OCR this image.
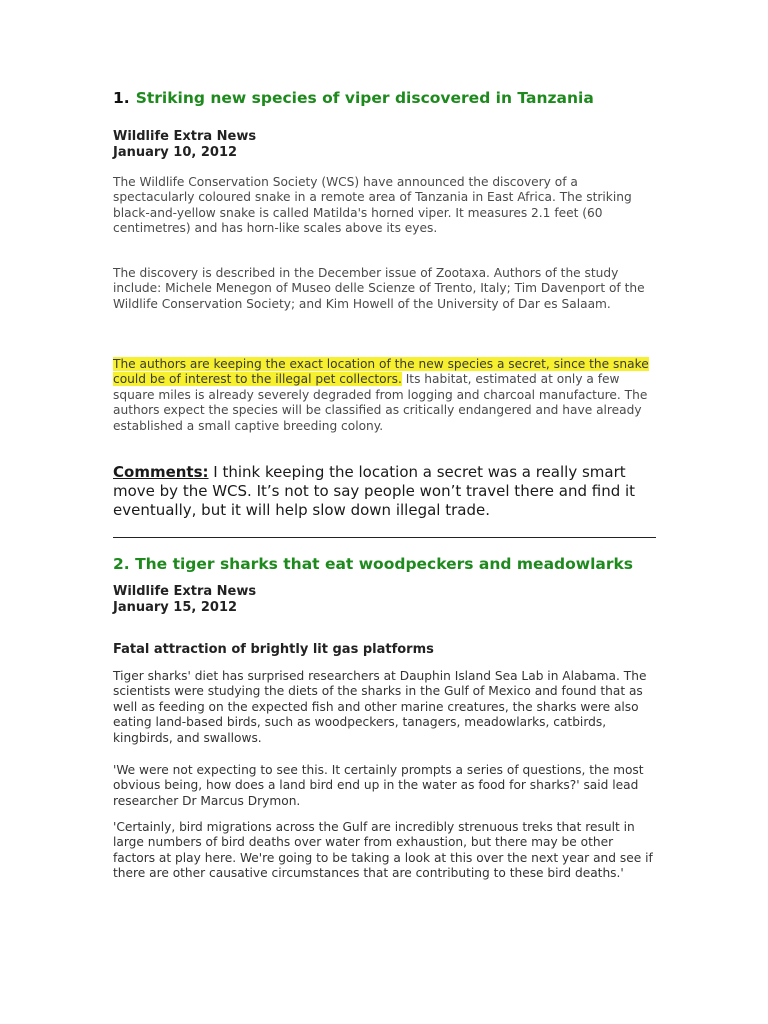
1. Striking new species of viper discovered in Tanzania
Wildlife Extra News
January 10, 2012
The Wildlife Conservation Society (WCS) have announced the discovery of a spectacularly coloured snake in a remote area of Tanzania in East Africa. The striking black-and-yellow snake is called Matilda's horned viper. It measures 2.1 feet (60 centimetres) and has horn-like scales above its eyes.
The discovery is described in the December issue of Zootaxa. Authors of the study include: Michele Menegon of Museo delle Scienze of Trento, Italy; Tim Davenport of the Wildlife Conservation Society; and Kim Howell of the University of Dar es Salaam.
The authors are keeping the exact location of the new species a secret, since the snake could be of interest to the illegal pet collectors. Its habitat, estimated at only a few square miles is already severely degraded from logging and charcoal manufacture. The authors expect the species will be classified as critically endangered and have already established a small captive breeding colony.
Comments: I think keeping the location a secret was a really smart move by the WCS. It’s not to say people won’t travel there and find it eventually, but it will help slow down illegal trade.
2. The tiger sharks that eat woodpeckers and meadowlarks
Wildlife Extra News
January 15, 2012
Fatal attraction of brightly lit gas platforms
Tiger sharks' diet has surprised researchers at Dauphin Island Sea Lab in Alabama. The scientists were studying the diets of the sharks in the Gulf of Mexico and found that as well as feeding on the expected fish and other marine creatures, the sharks were also eating land-based birds, such as woodpeckers, tanagers, meadowlarks, catbirds, kingbirds, and swallows.
'We were not expecting to see this. It certainly prompts a series of questions, the most obvious being, how does a land bird end up in the water as food for sharks?' said lead researcher Dr Marcus Drymon.
'Certainly, bird migrations across the Gulf are incredibly strenuous treks that result in large numbers of bird deaths over water from exhaustion, but there may be other factors at play here. We're going to be taking a look at this over the next year and see if there are other causative circumstances that are contributing to these bird deaths.'
